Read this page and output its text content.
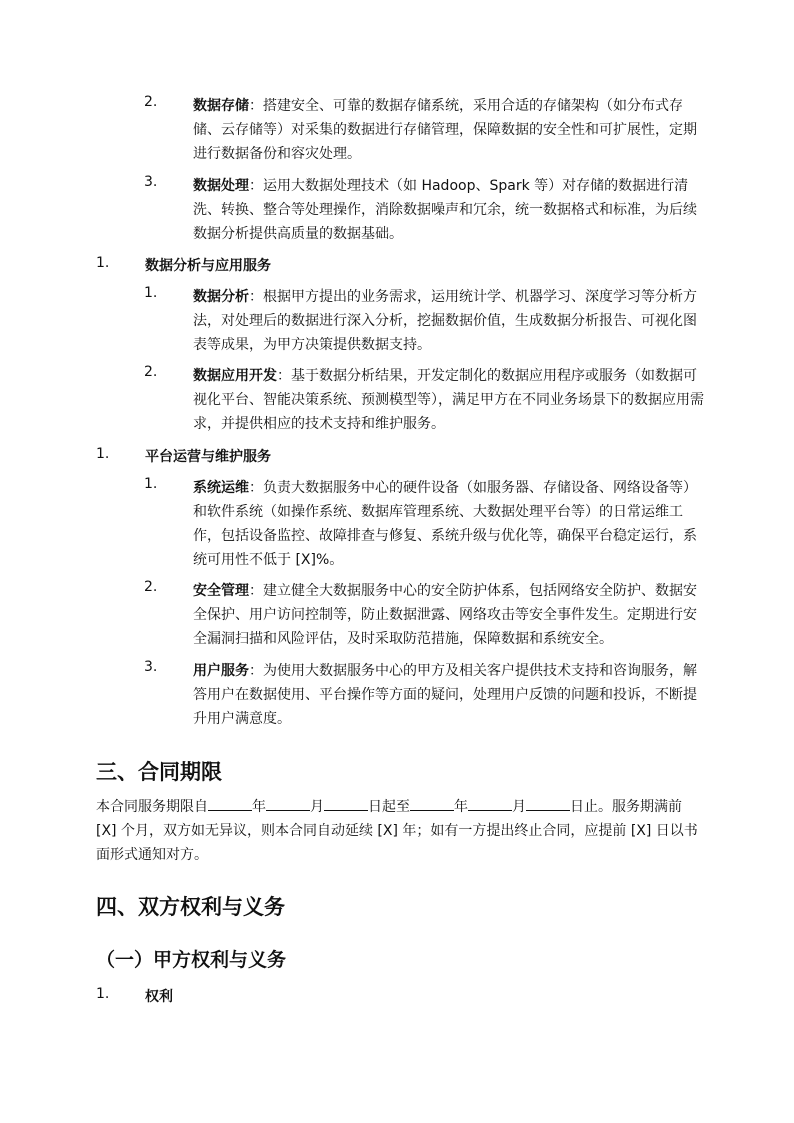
2.	数据存储：搭建安全、可靠的数据存储系统，采用合适的存储架构（如分布式存储、云存储等）对采集的数据进行存储管理，保障数据的安全性和可扩展性，定期进行数据备份和容灾处理。
3.	数据处理：运用大数据处理技术（如 Hadoop、Spark 等）对存储的数据进行清洗、转换、整合等处理操作，消除数据噪声和冗余，统一数据格式和标准，为后续数据分析提供高质量的数据基础。
1.	数据分析与应用服务
1.	数据分析：根据甲方提出的业务需求，运用统计学、机器学习、深度学习等分析方法，对处理后的数据进行深入分析，挖掘数据价值，生成数据分析报告、可视化图表等成果，为甲方决策提供数据支持。
2.	数据应用开发：基于数据分析结果，开发定制化的数据应用程序或服务（如数据可视化平台、智能决策系统、预测模型等），满足甲方在不同业务场景下的数据应用需求，并提供相应的技术支持和维护服务。
1.	平台运营与维护服务
1.	系统运维：负责大数据服务中心的硬件设备（如服务器、存储设备、网络设备等）和软件系统（如操作系统、数据库管理系统、大数据处理平台等）的日常运维工作，包括设备监控、故障排查与修复、系统升级与优化等，确保平台稳定运行，系统可用性不低于 [X]%。
2.	安全管理：建立健全大数据服务中心的安全防护体系，包括网络安全防护、数据安全保护、用户访问控制等，防止数据泄露、网络攻击等安全事件发生。定期进行安全漏洞扫描和风险评估，及时采取防范措施，保障数据和系统安全。
3.	用户服务：为使用大数据服务中心的甲方及相关客户提供技术支持和咨询服务，解答用户在数据使用、平台操作等方面的疑问，处理用户反馈的问题和投诉，不断提升用户满意度。
三、合同期限
本合同服务期限自	年	月	日起至	年	月	日止。服务期满前 [X] 个月，双方如无异议，则本合同自动延续 [X] 年；如有一方提出终止合同，应提前 [X] 日以书面形式通知对方。
四、双方权利与义务
（一）甲方权利与义务
1.	权利
